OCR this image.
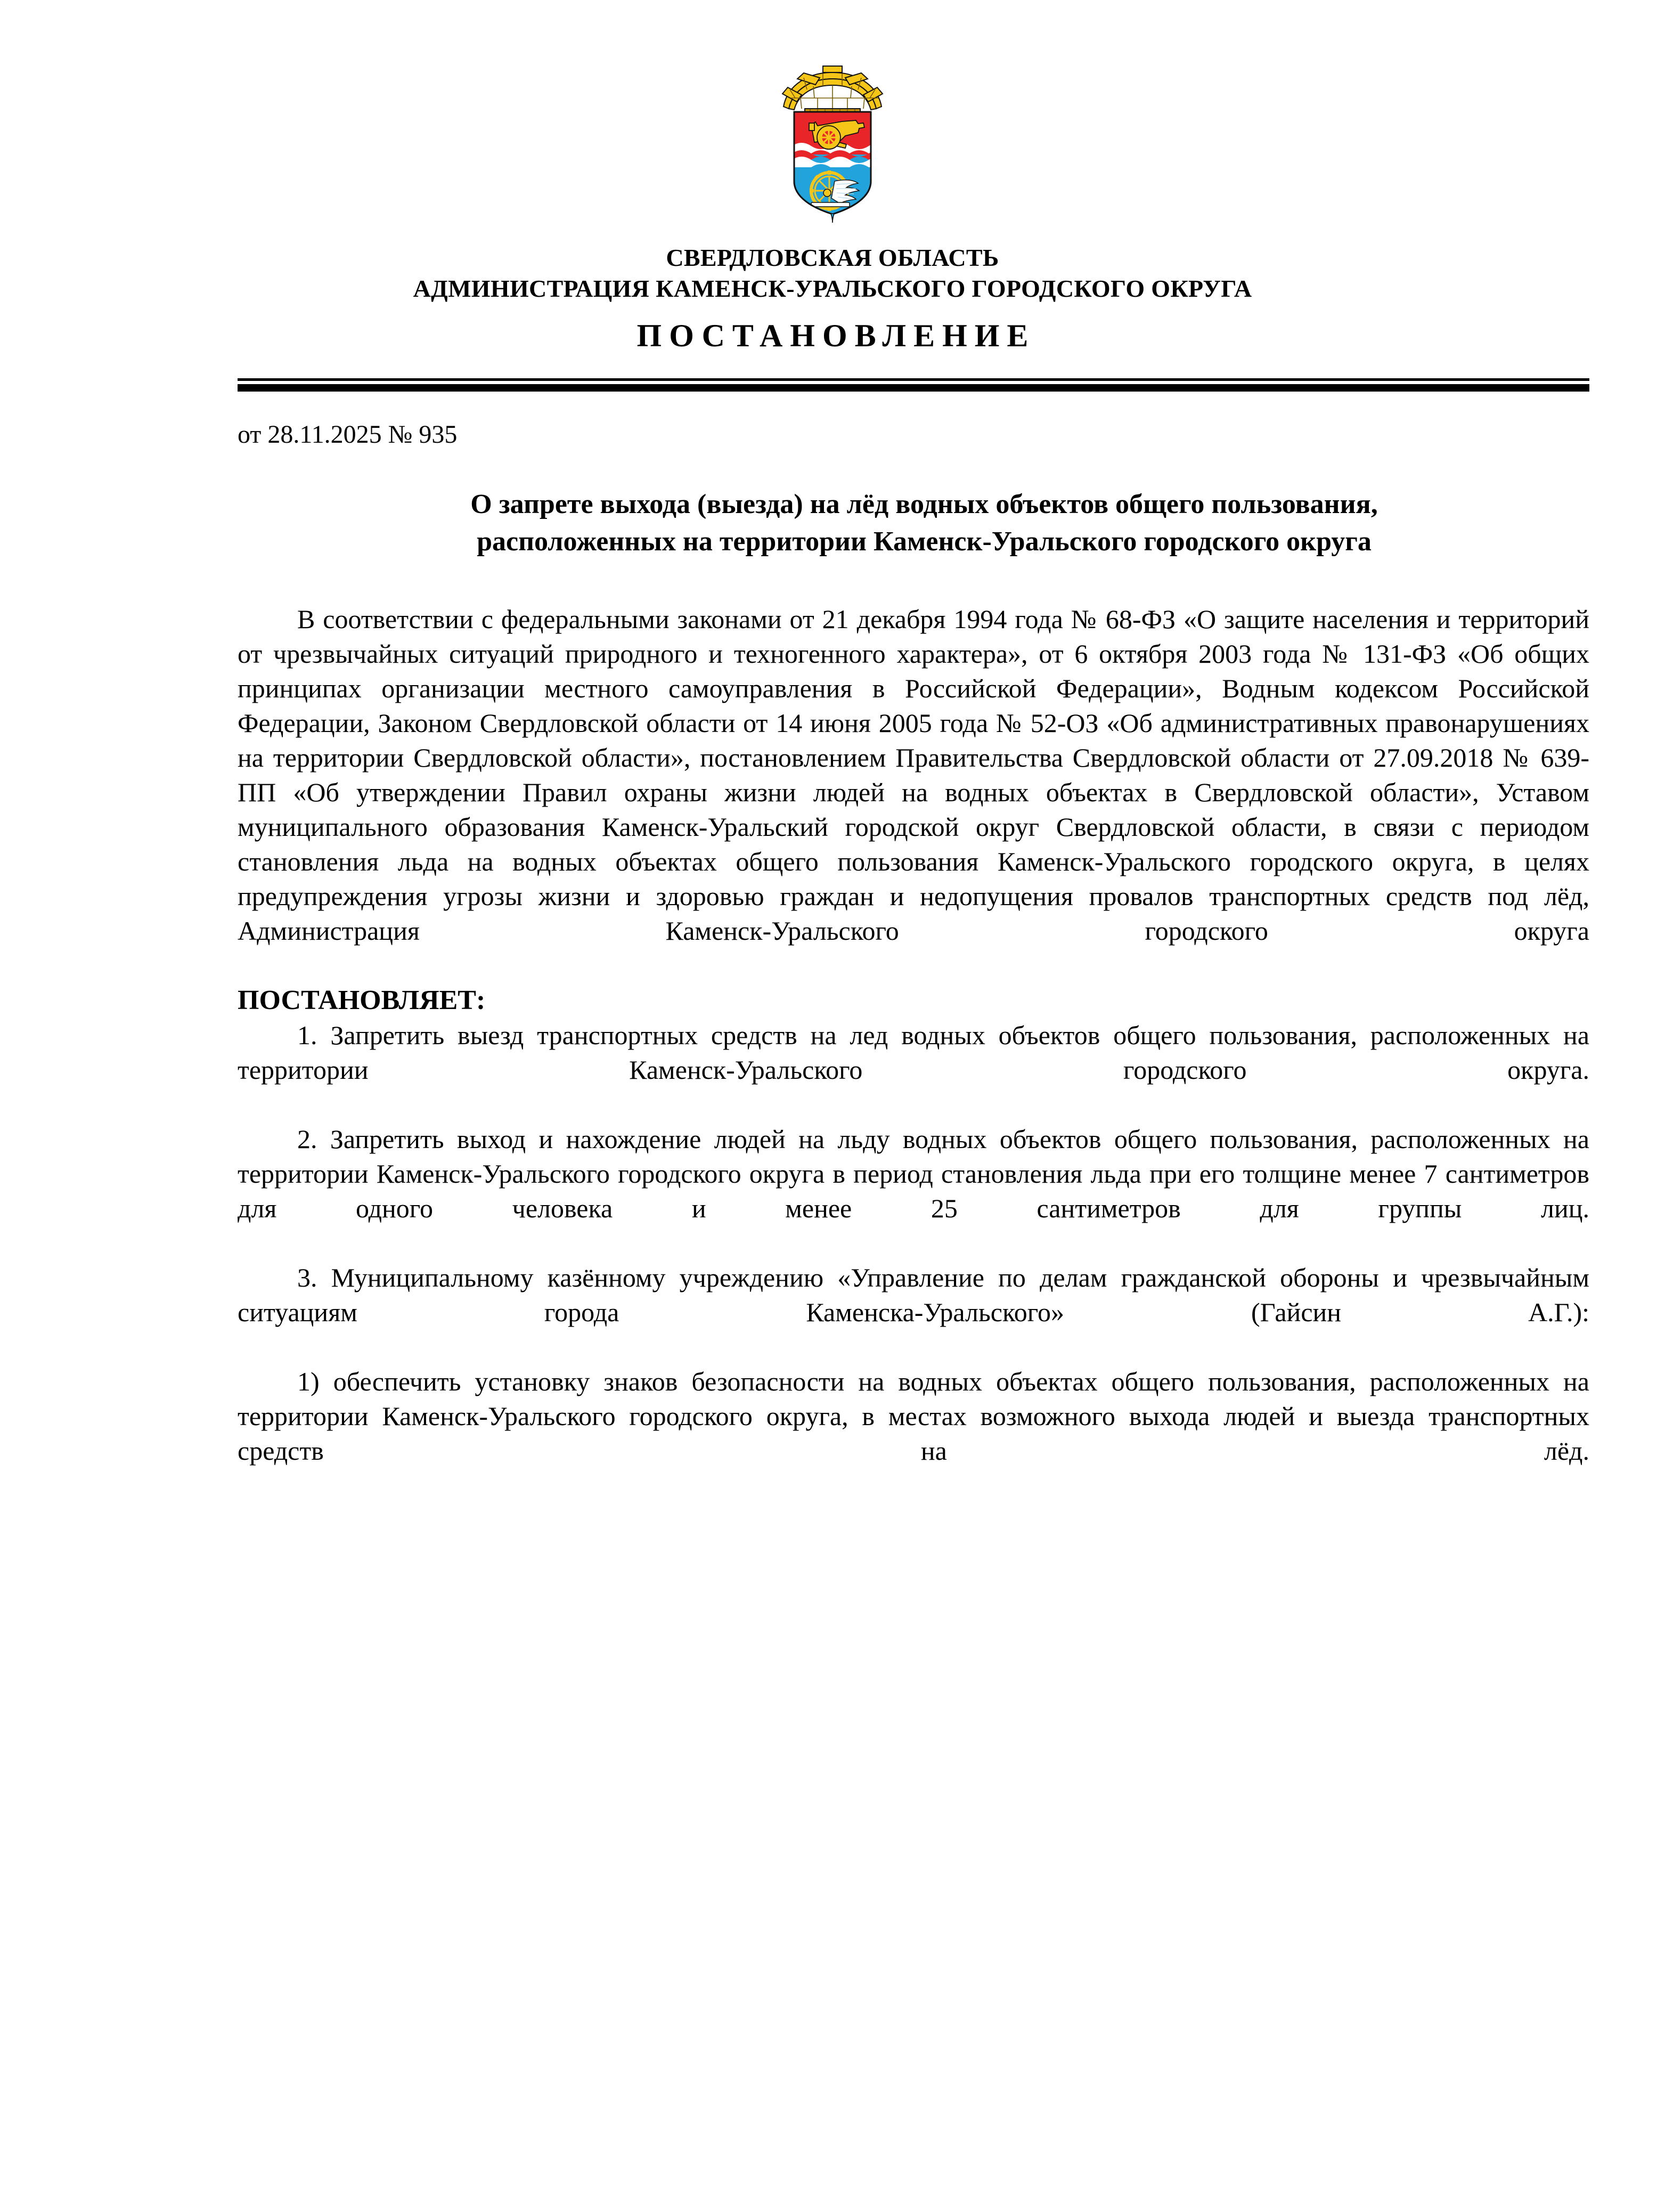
СВЕРДЛОВСКАЯ ОБЛАСТЬ
АДМИНИСТРАЦИЯ КАМЕНСК-УРАЛЬСКОГО ГОРОДСКОГО ОКРУГА
ПОСТАНОВЛЕНИЕ
от 28.11.2025 № 935
О запрете выхода (выезда) на лёд водных объектов общего пользования, расположенных на территории Каменск-Уральского городского округа

В соответствии с федеральными законами от 21 декабря 1994 года № 68-ФЗ «О защите населения и территорий от чрезвычайных ситуаций природного и техногенного характера», от 6 октября 2003 года № 131-ФЗ «Об общих принципах организации местного самоуправления в Российской Федерации», Водным кодексом Российской Федерации, Законом Свердловской области от 14 июня 2005 года № 52-ОЗ «Об административных правонарушениях на территории Свердловской области», постановлением Правительства Свердловской области от 27.09.2018 № 639-ПП «Об утверждении Правил охраны жизни людей на водных объектах в Свердловской области», Уставом муниципального образования Каменск-Уральский городской округ Свердловской области, в связи с периодом становления льда на водных объектах общего пользования Каменск-Уральского городского округа, в целях предупреждения угрозы жизни и здоровью граждан и недопущения провалов транспортных средств под лёд, Администрация Каменск-Уральского городского округа

ПОСТАНОВЛЯЕТ:

1. Запретить выезд транспортных средств на лед водных объектов общего пользования, расположенных на территории Каменск-Уральского городского округа.

2. Запретить выход и нахождение людей на льду водных объектов общего пользования, расположенных на территории Каменск-Уральского городского округа в период становления льда при его толщине менее 7 сантиметров для одного человека и менее 25 сантиметров для группы лиц.

3. Муниципальному казённому учреждению «Управление по делам гражданской обороны и чрезвычайным ситуациям города Каменска-Уральского» (Гайсин А.Г.):

1) обеспечить установку знаков безопасности на водных объектах общего пользования, расположенных на территории Каменск-Уральского городского округа, в местах возможного выхода людей и выезда транспортных средств на лёд.
